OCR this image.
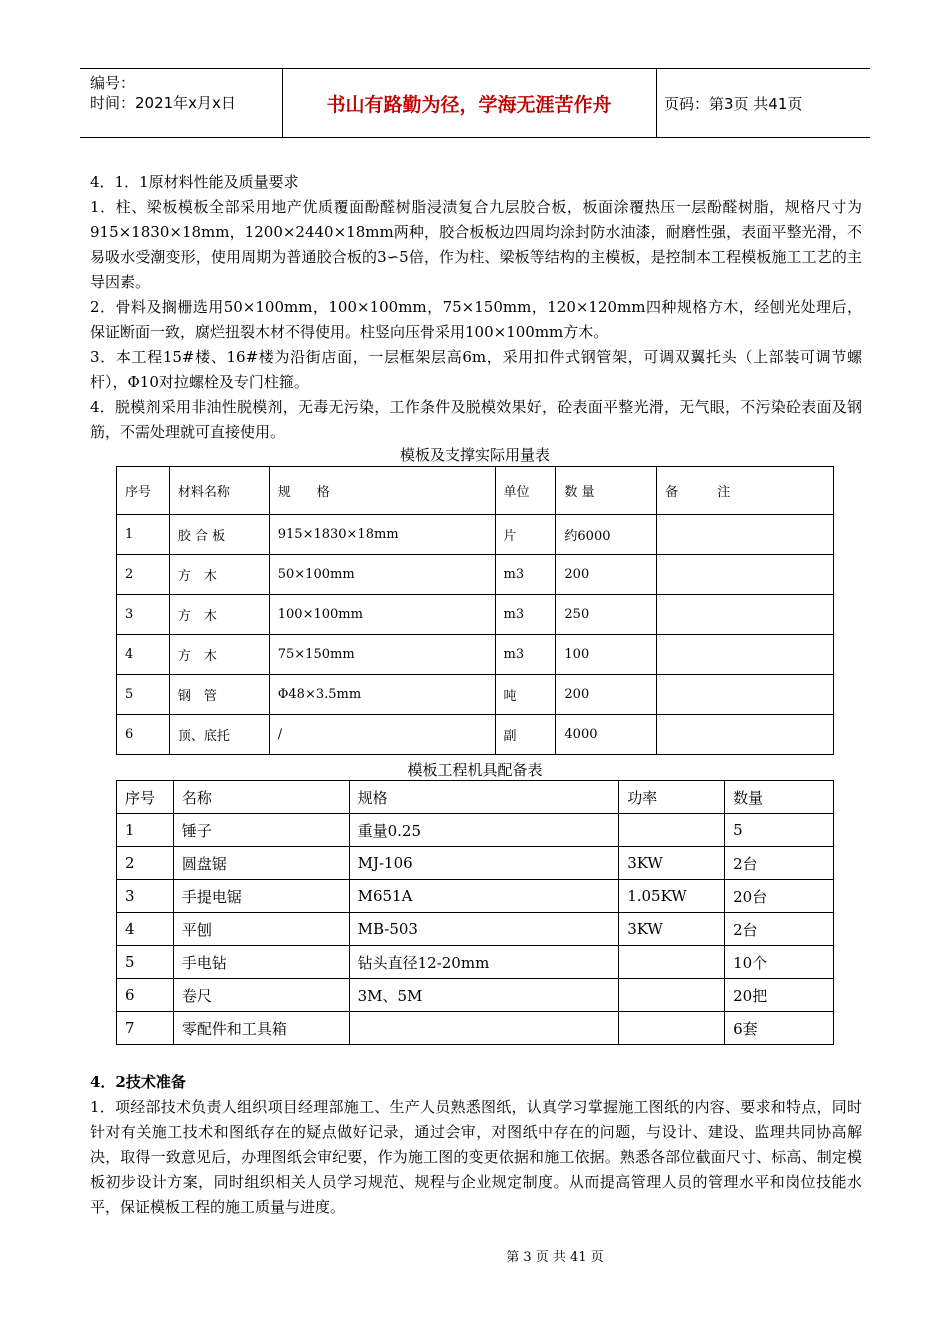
编号：
时间：2021年x月x日	书山有路勤为径，学海无涯苦作舟	页码：第3页 共41页

4．1．1原材料性能及质量要求

1．柱、梁板模板全部采用地产优质覆面酚醛树脂浸渍复合九层胶合板，板面涂覆热压一层酚醛树脂，规格尺寸为915×1830×18mm，1200×2440×18mm两种，胶合板板边四周均涂封防水油漆，耐磨性强，表面平整光滑，不易吸水受潮变形，使用周期为普通胶合板的3∽5倍，作为柱、梁板等结构的主模板，是控制本工程模板施工工艺的主导因素。

2．骨料及搁栅选用50×100mm，100×100mm，75×150mm，120×120mm四种规格方木，经刨光处理后，保证断面一致，腐烂扭裂木材不得使用。柱竖向压骨采用100×100mm方木。

3．本工程15#楼、16#楼为沿街店面，一层框架层高6m，采用扣件式钢管架，可调双翼托头（上部装可调节螺杆），Φ10对拉螺栓及专门柱箍。

4．脱模剂采用非油性脱模剂，无毒无污染，工作条件及脱模效果好，砼表面平整光滑，无气眼，不污染砼表面及钢筋，不需处理就可直接使用。

模板及支撑实际用量表
序号	材料名称	规　　格	单位	数 量	备　　　注
1	胶 合 板	915×1830×18mm	片	约6000	
2	方　木	50×100mm	m3	200	
3	方　木	100×100mm	m3	250	
4	方　木	75×150mm	m3	100	
5	钢　管	Φ48×3.5mm	吨	200	
6	顶、底托	/	副	4000	
模板工程机具配备表
序号	名称	规格	功率	数量
1	锤子	重量0.25		5
2	圆盘锯	MJ-106	3KW	2台
3	手提电锯	M651A	1.05KW	20台
4	平刨	MB-503	3KW	2台
5	手电钻	钻头直径12-20mm		10个
6	卷尺	3M、5M		20把
7	零配件和工具箱			6套

4．2技术准备

1．项经部技术负责人组织项目经理部施工、生产人员熟悉图纸，认真学习掌握施工图纸的内容、要求和特点，同时针对有关施工技术和图纸存在的疑点做好记录，通过会审，对图纸中存在的问题，与设计、建设、监理共同协高解决，取得一致意见后，办理图纸会审纪要，作为施工图的变更依据和施工依据。熟悉各部位截面尺寸、标高、制定模板初步设计方案，同时组织相关人员学习规范、规程与企业规定制度。从而提高管理人员的管理水平和岗位技能水平，保证模板工程的施工质量与进度。

第 3 页 共 41 页
